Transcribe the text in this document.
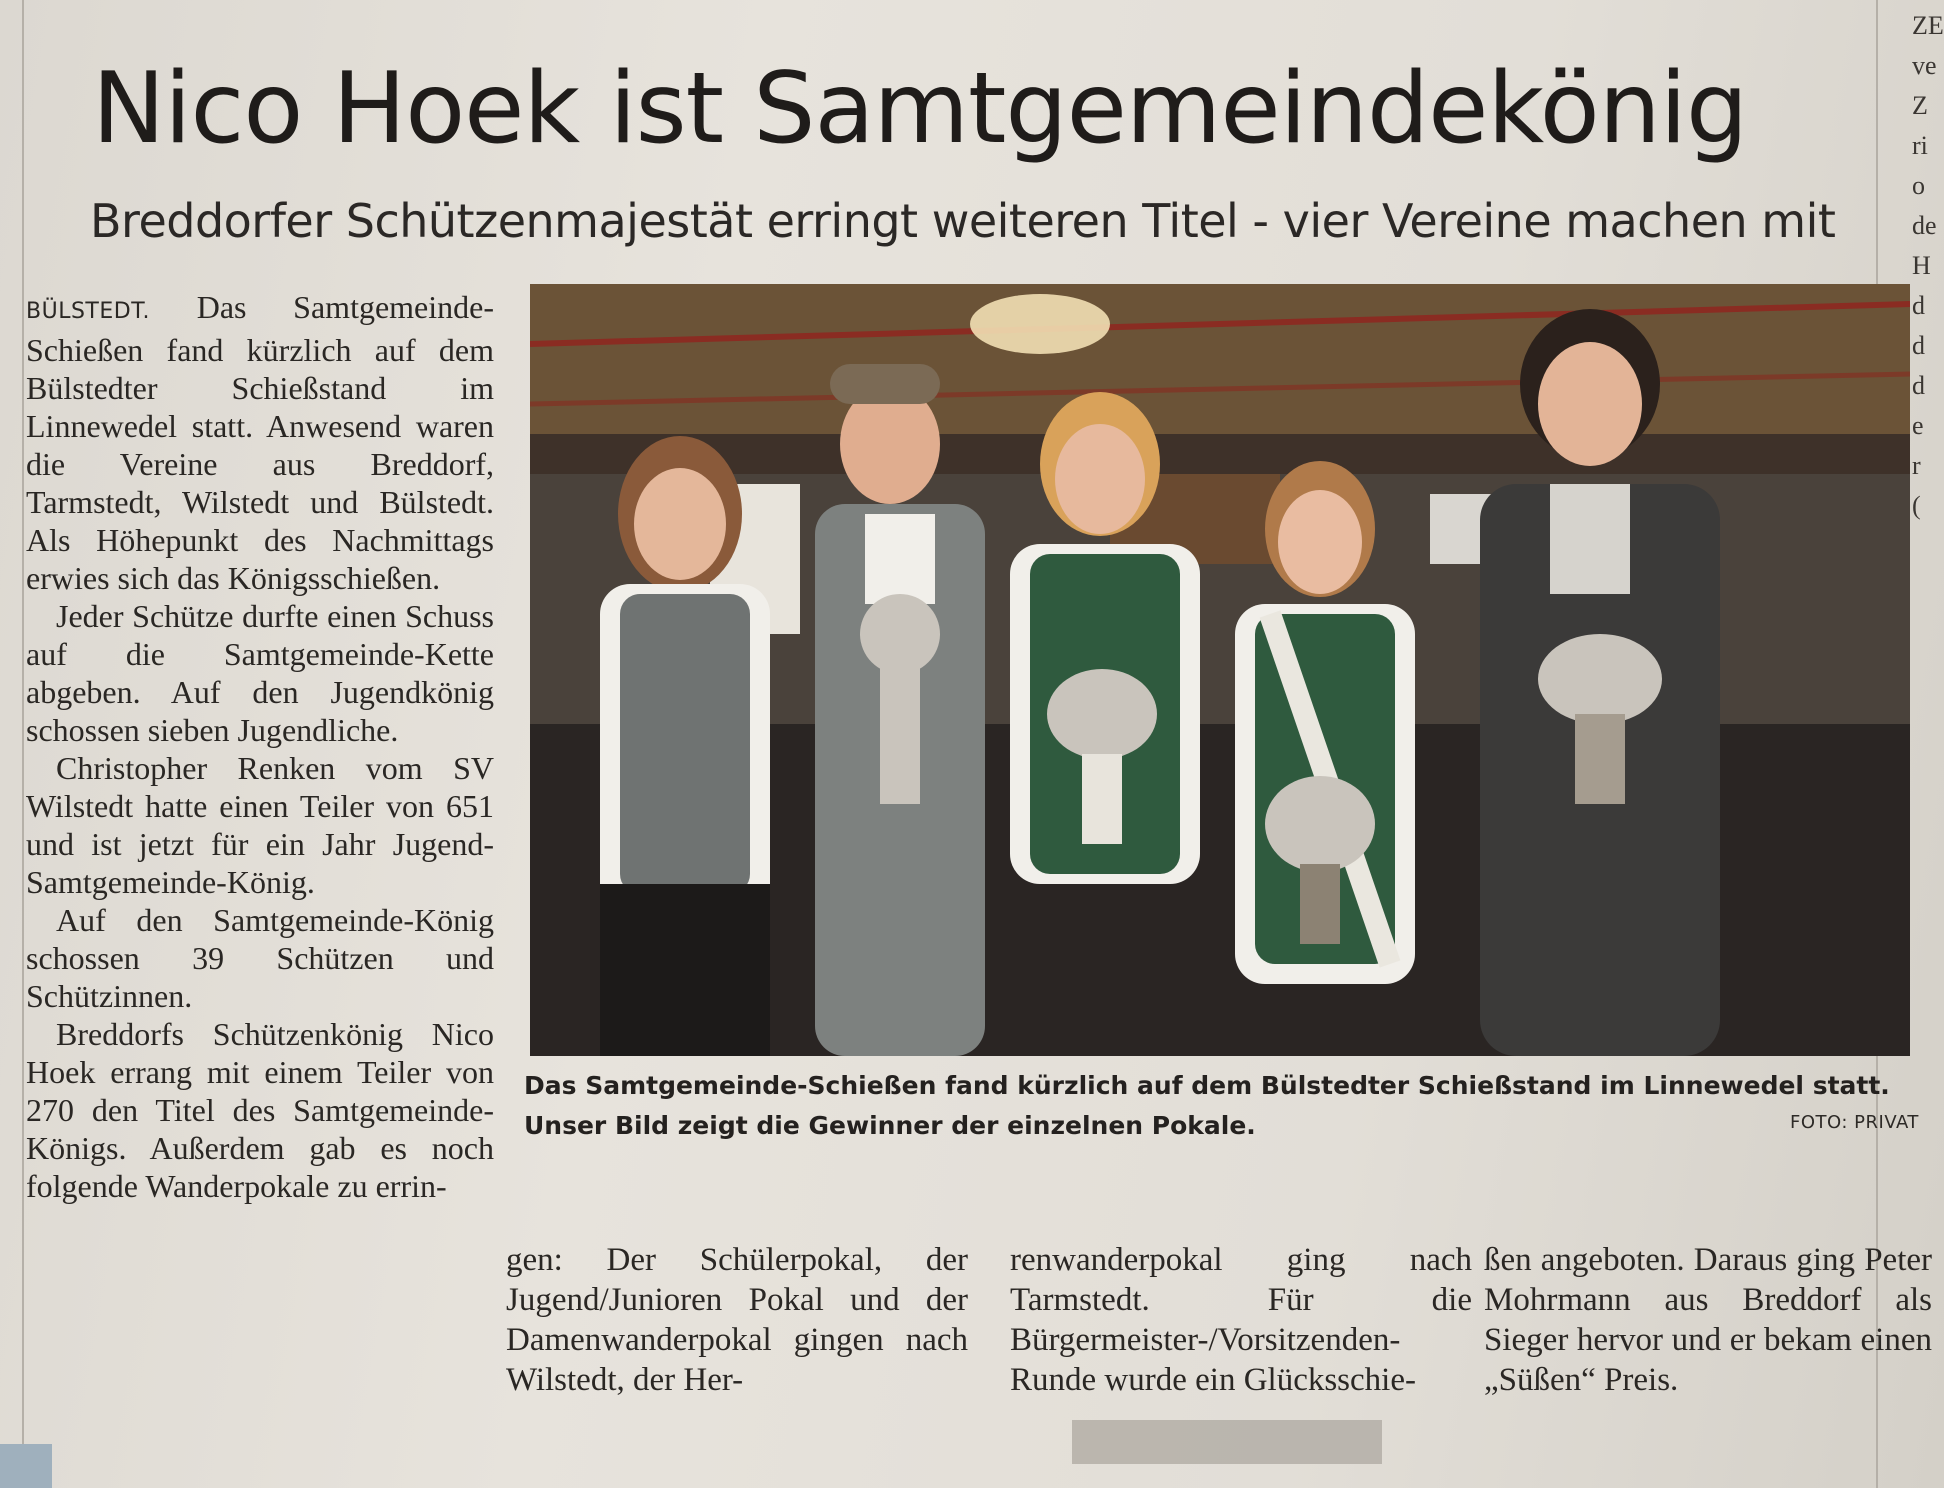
Nico Hoek ist Samtgemeindekönig
Breddorfer Schützenmajestät erringt weiteren Titel - vier Vereine machen mit

BÜLSTEDT. Das Samtgemeinde-Schießen fand kürzlich auf dem Bülstedter Schießstand im Linnewedel statt. Anwesend waren die Vereine aus Breddorf, Tarmstedt, Wilstedt und Bülstedt. Als Höhepunkt des Nachmittags erwies sich das Königsschießen.

Jeder Schütze durfte einen Schuss auf die Samtgemeinde-Kette abgeben. Auf den Jugendkönig schossen sieben Jugendliche.

Christopher Renken vom SV Wilstedt hatte einen Teiler von 651 und ist jetzt für ein Jahr Jugend-Samtgemeinde-König.

Auf den Samtgemeinde-König schossen 39 Schützen und Schützinnen.

Breddorfs Schützenkönig Nico Hoek errang mit einem Teiler von 270 den Titel des Samtgemeinde-Königs. Außerdem gab es noch folgende Wanderpokale zu errin-

Das Samtgemeinde-Schießen fand kürzlich auf dem Bülstedter Schießstand im Linnewedel statt. Unser Bild zeigt die Gewinner der einzelnen Pokale.	FOTO: PRIVAT

gen: Der Schülerpokal, der Jugend/Junioren Pokal und der Damenwanderpokal gingen nach Wilstedt, der Her-

renwanderpokal ging nach Tarmstedt. Für die Bürgermeister-/Vorsitzenden-Runde wurde ein Glücksschie-

ßen angeboten. Daraus ging Peter Mohrmann aus Breddorf als Sieger hervor und er bekam einen „Süßen“ Preis.

ZE
ve
Z
ri
o
de
H
d
d
d
e
r
(
